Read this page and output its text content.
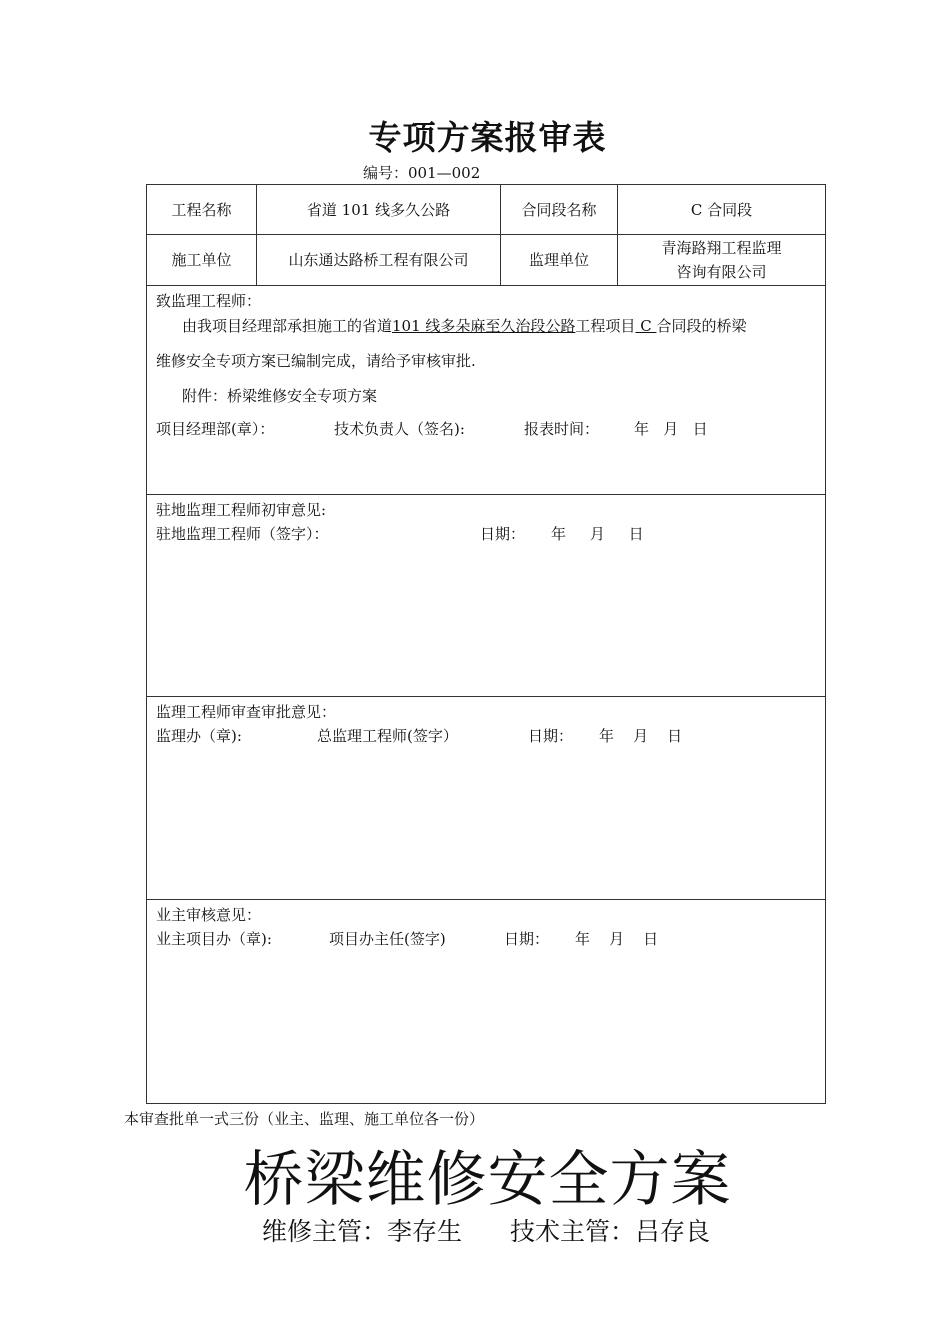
专项方案报审表
编号：001—002
工程名称	省道 101 线多久公路	合同段名称	C 合同段
施工单位	山东通达路桥工程有限公司	监理单位
青海路翔工程监理
咨询有限公司
致监理工程师：
由我项目经理部承担施工的省道101 线多朵麻至久治段公路工程项目 C 合同段的桥梁
维修安全专项方案已编制完成，请给予审核审批.
附件：桥梁维修安全专项方案
项目经理部(章）：	技术负责人（签名):	报表时间： 年   月   日
驻地监理工程师初审意见:
驻地监理工程师（签字）：	日期： 年     月     日
监理工程师审查审批意见：
监理办（章):	总监理工程师(签字）	日期： 年    月    日
业主审核意见：
业主项目办（章):	项目办主任(签字)	日期： 年    月    日
本审查批单一式三份（业主、监理、施工单位各一份）
桥梁维修安全方案
维修主管：李存生 技术主管：吕存良
